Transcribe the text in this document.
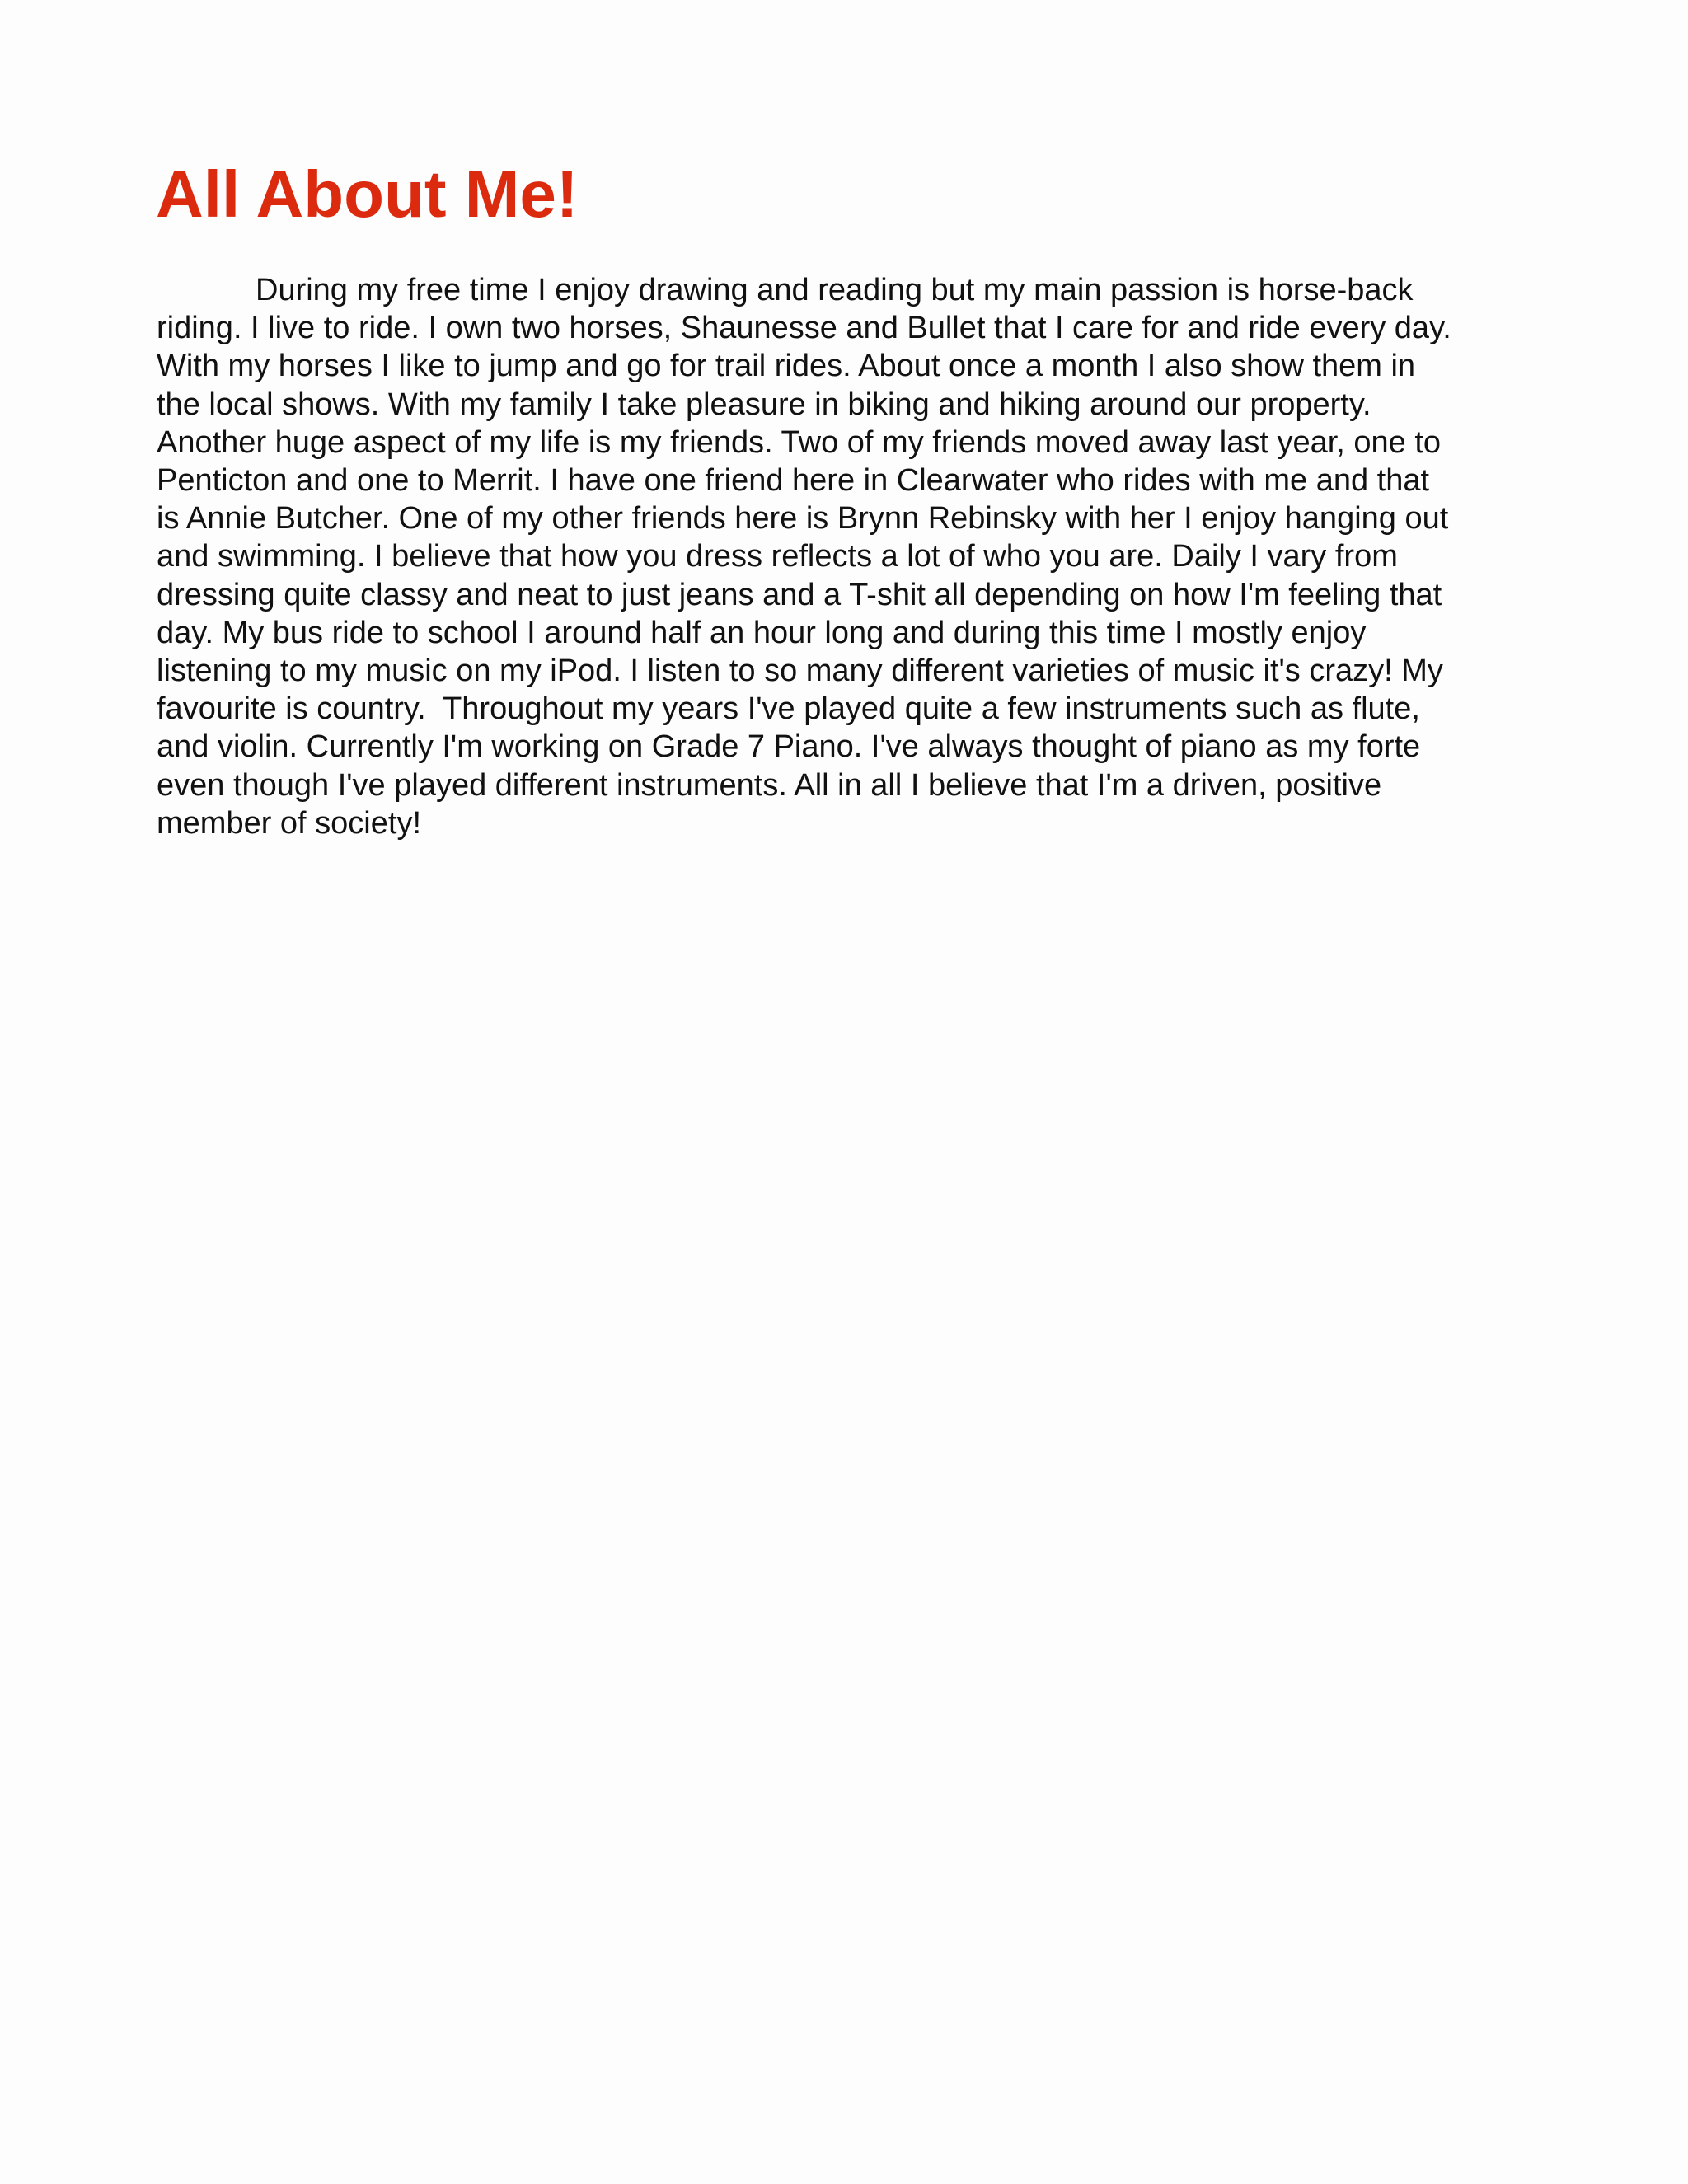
All About Me!
During my free time I enjoy drawing and reading but my main passion is horse-back
riding. I live to ride. I own two horses, Shaunesse and Bullet that I care for and ride every day.
With my horses I like to jump and go for trail rides. About once a month I also show them in
the local shows. With my family I take pleasure in biking and hiking around our property.
Another huge aspect of my life is my friends. Two of my friends moved away last year, one to
Penticton and one to Merrit. I have one friend here in Clearwater who rides with me and that
is Annie Butcher. One of my other friends here is Brynn Rebinsky with her I enjoy hanging out
and swimming. I believe that how you dress reflects a lot of who you are. Daily I vary from
dressing quite classy and neat to just jeans and a T-shit all depending on how I'm feeling that
day. My bus ride to school I around half an hour long and during this time I mostly enjoy
listening to my music on my iPod. I listen to so many different varieties of music it's crazy! My
favourite is country.  Throughout my years I've played quite a few instruments such as flute,
and violin. Currently I'm working on Grade 7 Piano. I've always thought of piano as my forte
even though I've played different instruments. All in all I believe that I'm a driven, positive
member of society!
